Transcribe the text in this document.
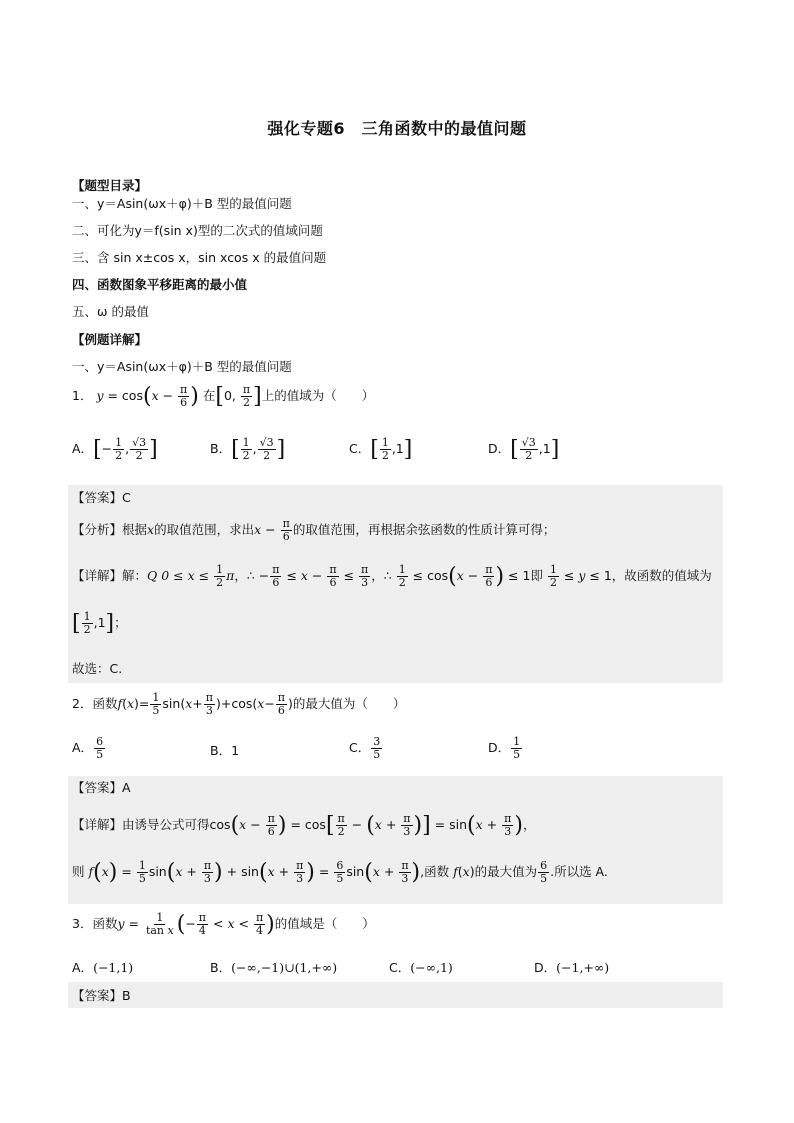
强化专题6　三角函数中的最值问题
【题型目录】
一、y＝Asin(ωx＋φ)＋B 型的最值问题
二、可化为y＝f(sin x)型的二次式的值域问题
三、含 sin x±cos x，sin xcos x 的最值问题
四、函数图象平移距离的最小值
五、ω 的最值
【例题详解】
一、y＝Asin(ωx＋φ)＋B 型的最值问题
1． $y = \cos(x - \frac{\pi}{6}$ ) 在[0, $\frac{\pi}{2}$ ]上的值域为（　　）
A．[− $\frac{1}{2}$ , $\frac{√3}{2}$ ]	B．[ $\frac{1}{2}$ , $\frac{√3}{2}$ ]	C．[ $\frac{1}{2} ,1$]	D．[ $\frac{√3}{2} ,1$]
【答案】C
【分析】根据x的取值范围，求出$x - \frac{\pi}{6}$ 的取值范围，再根据余弦函数的性质计算可得；
【详解】解：Q $0 \le x \le \frac{1}{2}$ π，∴ − $\frac{\pi}{6} \le x - \frac{\pi}{6} \le \frac{\pi}{3}$ ，∴ $\frac{1}{2} \le \cos(x - \frac{\pi}{6}$ ) ≤ 1即 $\frac{1}{2} \le y \le 1$，故函数的值域为
[ $\frac{1}{2} ,1$]；
故选：C.
2．函数$f(x)= \frac{1}{5} \sin(x+ \frac{\pi}{3} )+\cos(x- \frac{\pi}{6}$ )的最大值为（　　）
A． $\frac{6}{5}$	B．1	C． $\frac{3}{5}$	D． $\frac{1}{5}$
【答案】A
【详解】由诱导公式可得$\cos(x - \frac{\pi}{6}$ ) = $\cos[ \frac{\pi}{2} - (x + \frac{\pi}{3}$ )] = $\sin(x + \frac{\pi}{3}$ )，
则 $f(x) = \frac{1}{5} \sin(x + \frac{\pi}{3}$ ) + $\sin(x + \frac{\pi}{3}$ ) = $\frac{6}{5} \sin(x + \frac{\pi}{3}$ ),函数 f(x)的最大值为 $\frac{6}{5}$ .所以选 A.
3．函数$y = \frac{1}{\text{tan x}}$ (− $\frac{\pi}{4} < x < \frac{\pi}{4}$ )的值域是（　　）
A．(−1,1)	B．(−∞,−1)∪(1,+∞)	C．(−∞,1)	D．(−1,+∞)
【答案】B
